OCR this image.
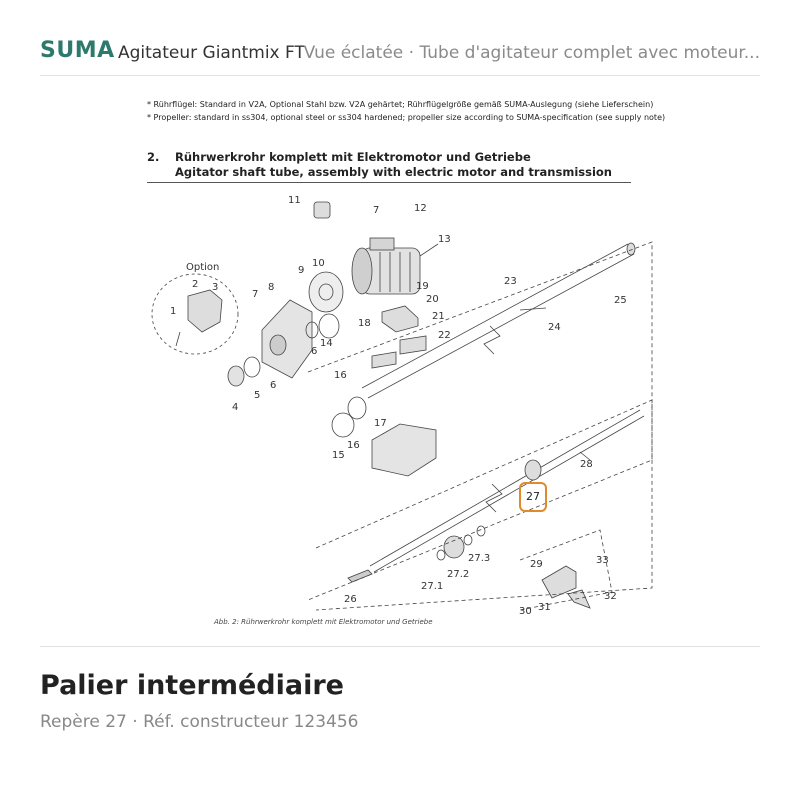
SUMA Agitateur Giantmix FT
Vue éclatée · Tube d'agitateur complet avec moteur...
* Rührflügel: Standard in V2A, Optional Stahl bzw. V2A gehärtet; Rührflügelgröße gemäß SUMA-Auslegung (siehe Lieferschein)
* Propeller: standard in ss304, optional steel or ss304 hardened; propeller size according to SUMA-specification (see supply note)
2. Rührwerkrohr komplett mit Elektromotor und Getriebe
Agitator shaft tube, assembly with electric motor and transmission
Option
1
2 3
4
5
6
6
7
7
8
9
10
11
12
13
14
15
16
16
17
18
19
20
21
22
23
24
25
26
27.1
27.2
27.3
28
29
30 31
32
33
27
Abb. 2: Rührwerkrohr komplett mit Elektromotor und Getriebe
Palier intermédiaire
Repère 27 · Réf. constructeur 123456
